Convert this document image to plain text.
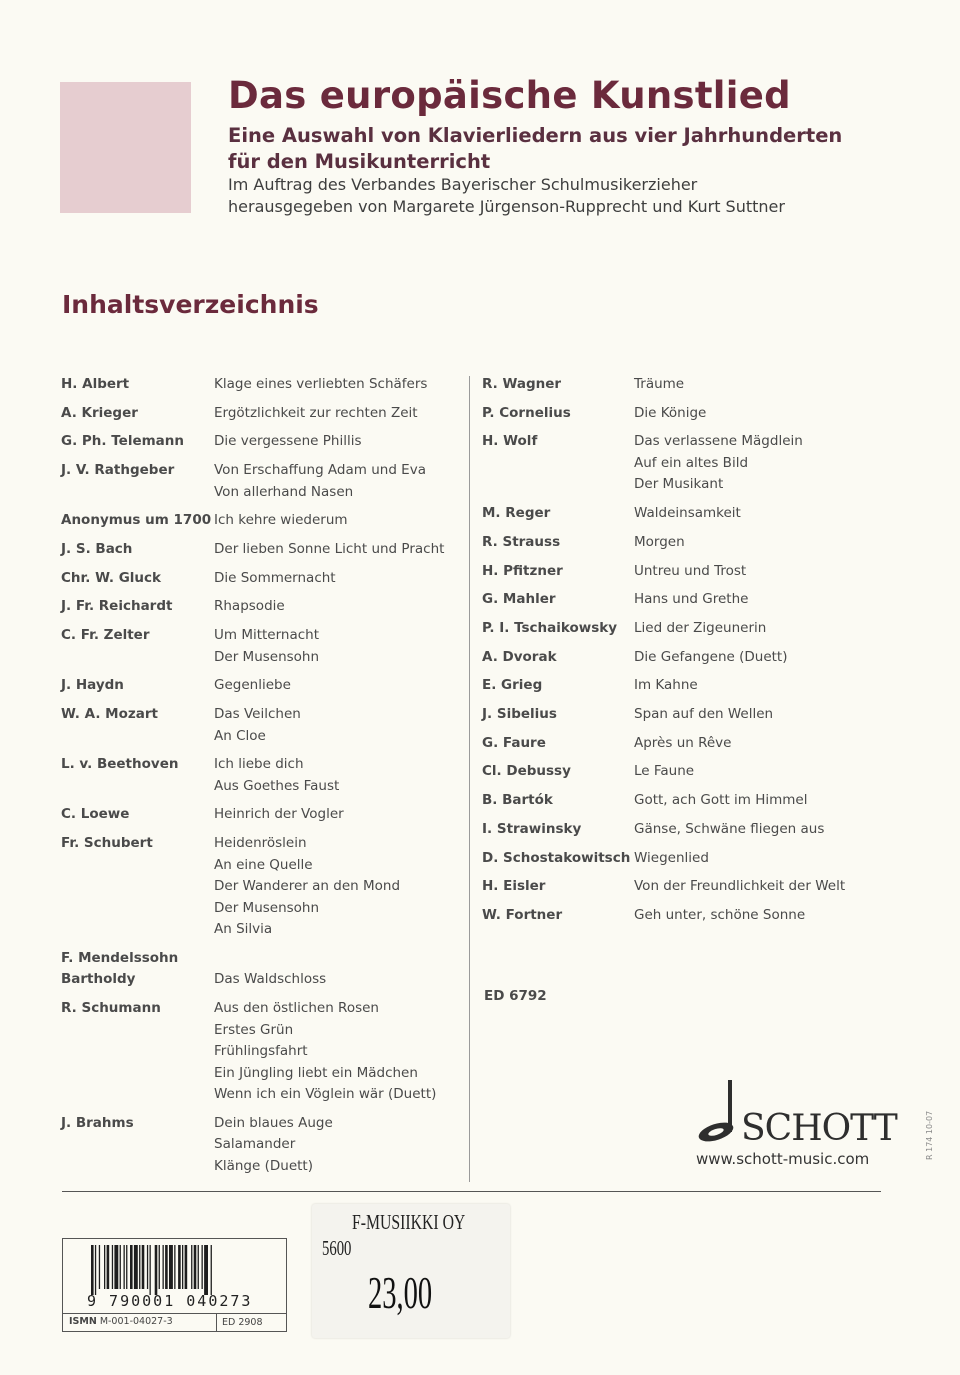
Das europäische Kunstlied
Eine Auswahl von Klavierliedern aus vier Jahrhunderten
für den Musikunterricht
Im Auftrag des Verbandes Bayerischer Schulmusikerzieher
herausgegeben von Margarete Jürgenson-Rupprecht und Kurt Suttner
Inhaltsverzeichnis
H. Albert	Klage eines verliebten Schäfers
A. Krieger	Ergötzlichkeit zur rechten Zeit
G. Ph. Telemann Die vergessene Phillis
J. V. Rathgeber	Von Erschaffung Adam und Eva
Von allerhand Nasen
Anonymus um 1700 Ich kehre wiederum
J. S. Bach	Der lieben Sonne Licht und Pracht
Chr. W. Gluck	Die Sommernacht
J. Fr. Reichardt	Rhapsodie
C. Fr. Zelter	Um Mitternacht
Der Musensohn
J. Haydn	Gegenliebe
W. A. Mozart	Das Veilchen
An Cloe
L. v. Beethoven	Ich liebe dich
Aus Goethes Faust
C. Loewe	Heinrich der Vogler
Fr. Schubert	Heidenröslein
An eine Quelle
Der Wanderer an den Mond
Der Musensohn
An Silvia
F. Mendelssohn
Bartholdy	Das Waldschloss
R. Schumann	Aus den östlichen Rosen
Erstes Grün
Frühlingsfahrt
Ein Jüngling liebt ein Mädchen
Wenn ich ein Vöglein wär (Duett)
J. Brahms	Dein blaues Auge
Salamander
Klänge (Duett)
R. Wagner	Träume
P. Cornelius	Die Könige
H. Wolf	Das verlassene Mägdlein
Auf ein altes Bild
Der Musikant
M. Reger	Waldeinsamkeit
R. Strauss	Morgen
H. Pfitzner	Untreu und Trost
G. Mahler	Hans und Grethe
P. I. Tschaikowsky Lied der Zigeunerin
A. Dvorak	Die Gefangene (Duett)
E. Grieg	Im Kahne
J. Sibelius	Span auf den Wellen
G. Faure	Après un Rêve
Cl. Debussy	Le Faune
B. Bartók	Gott, ach Gott im Himmel
I. Strawinsky	Gänse, Schwäne fliegen aus
D. Schostakowitsch Wiegenlied
H. Eisler	Von der Freundlichkeit der Welt
W. Fortner	Geh unter, schöne Sonne
ED 6792
SCHOTT
www.schott-music.com	R 174 10-07
9 790001 040273
ISMN M-001-04027-3	ED 2908
F-MUSIIKKI OY
5600
23,00
